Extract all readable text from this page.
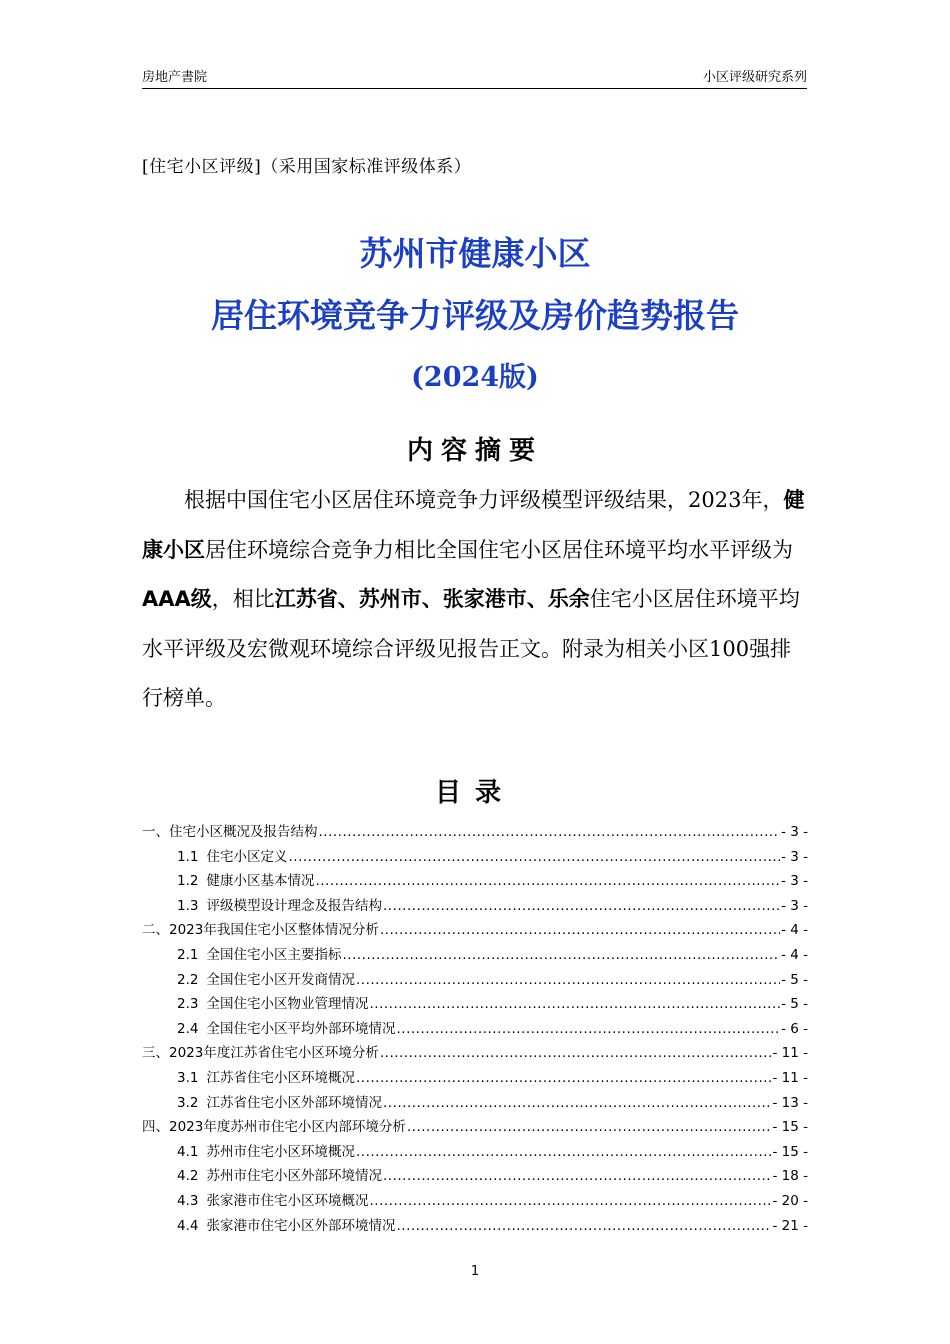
房地产書院	小区评级研究系列
[住宅小区评级]（采用国家标准评级体系）
苏州市健康小区
居住环境竞争力评级及房价趋势报告
(2024版)
内容摘要

根据中国住宅小区居住环境竞争力评级模型评级结果，2023年，健康小区居住环境综合竞争力相比全国住宅小区居住环境平均水平评级为AAA级，相比江苏省、苏州市、张家港市、乐余住宅小区居住环境平均水平评级及宏微观环境综合评级见报告正文。附录为相关小区100强排行榜单。

目录
一、住宅小区概况及报告结构 .....	- 3 -
1.1 住宅小区定义 .....	- 3 -
1.2 健康小区基本情况 .....	- 3 -
1.3 评级模型设计理念及报告结构 .....	- 3 -
二、2023年我国住宅小区整体情况分析 .....	- 4 -
2.1 全国住宅小区主要指标 .....	- 4 -
2.2 全国住宅小区开发商情况 .....	- 5 -
2.3 全国住宅小区物业管理情况 .....	- 5 -
2.4 全国住宅小区平均外部环境情况 .....	- 6 -
三、2023年度江苏省住宅小区环境分析 .....	- 11 -
3.1 江苏省住宅小区环境概况 .....	- 11 -
3.2 江苏省住宅小区外部环境情况 .....	- 13 -
四、2023年度苏州市住宅小区内部环境分析 .....	- 15 -
4.1 苏州市住宅小区环境概况 .....	- 15 -
4.2 苏州市住宅小区外部环境情况 .....	- 18 -
4.3 张家港市住宅小区环境概况 .....	- 20 -
4.4 张家港市住宅小区外部环境情况 .....	- 21 -
1
